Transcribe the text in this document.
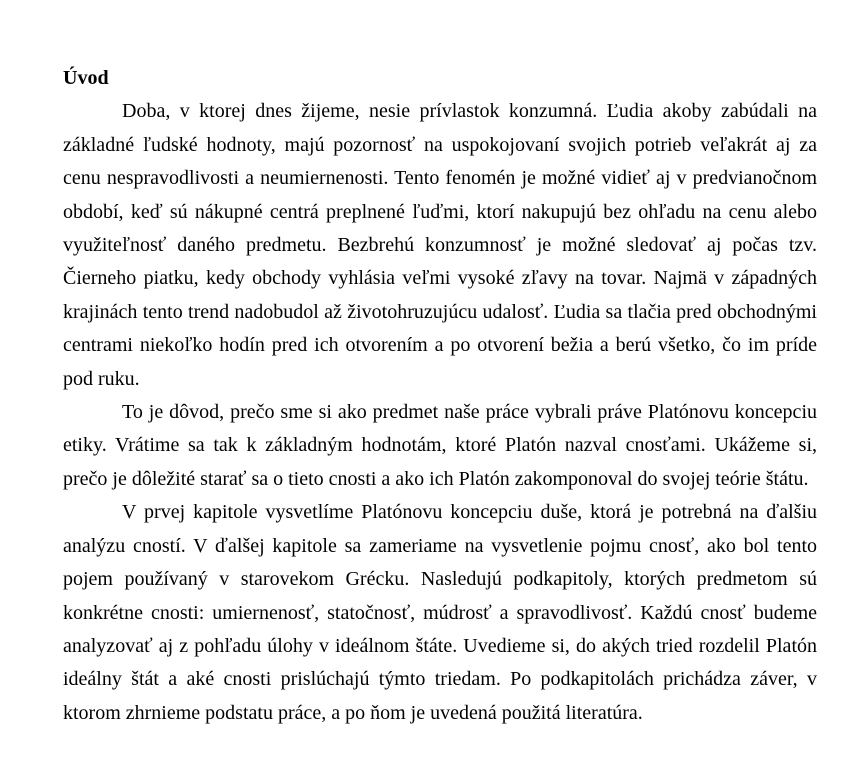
Úvod
Doba, v ktorej dnes žijeme, nesie prívlastok konzumná. Ľudia akoby zabúdali na
základné ľudské hodnoty, majú pozornosť na uspokojovaní svojich potrieb veľakrát aj za
cenu nespravodlivosti a neumiernenosti. Tento fenomén je možné vidieť aj v predvianočnom
období, keď sú nákupné centrá preplnené ľuďmi, ktorí nakupujú bez ohľadu na cenu alebo
využiteľnosť daného predmetu. Bezbrehú konzumnosť je možné sledovať aj počas tzv.
Čierneho piatku, kedy obchody vyhlásia veľmi vysoké zľavy na tovar. Najmä v západných
krajinách tento trend nadobudol až životohruzujúcu udalosť. Ľudia sa tlačia pred obchodnými
centrami niekoľko hodín pred ich otvorením a po otvorení bežia a berú všetko, čo im príde
pod ruku.
To je dôvod, prečo sme si ako predmet naše práce vybrali práve Platónovu koncepciu
etiky. Vrátime sa tak k základným hodnotám, ktoré Platón nazval cnosťami. Ukážeme si,
prečo je dôležité starať sa o tieto cnosti a ako ich Platón zakomponoval do svojej teórie štátu.
V prvej kapitole vysvetlíme Platónovu koncepciu duše, ktorá je potrebná na ďalšiu
analýzu cností. V ďalšej kapitole sa zameriame na vysvetlenie pojmu cnosť, ako bol tento
pojem používaný v starovekom Grécku. Nasledujú podkapitoly, ktorých predmetom sú
konkrétne cnosti: umiernenosť, statočnosť, múdrosť a spravodlivosť. Každú cnosť budeme
analyzovať aj z pohľadu úlohy v ideálnom štáte. Uvedieme si, do akých tried rozdelil Platón
ideálny štát a aké cnosti prislúchajú týmto triedam. Po podkapitolách prichádza záver, v
ktorom zhrnieme podstatu práce, a po ňom je uvedená použitá literatúra.
